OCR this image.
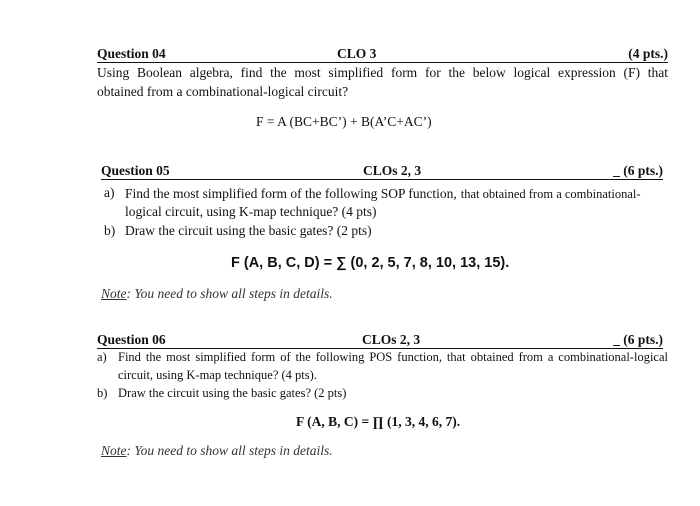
Question 04	CLO 3	(4 pts.)
Using Boolean algebra, find the most simplified form for the below logical expression (F) that
obtained from a combinational-logical circuit?
F = A (BC+BC’) + B(A’C+AC’)
Question 05	CLOs 2, 3	_ (6 pts.)
a) Find the most simplified form of the following SOP function, that obtained from a combinational-
logical circuit, using K-map technique? (4 pts)
b) Draw the circuit using the basic gates? (2 pts)
F (A, B, C, D) = ∑ (0, 2, 5, 7, 8, 10, 13, 15).
Note: You need to show all steps in details.
Question 06	CLOs 2, 3	_ (6 pts.)
a) Find the most simplified form of the following POS function, that obtained from a combinational-logical
circuit, using K-map technique? (4 pts).
b) Draw the circuit using the basic gates? (2 pts)
F (A, B, C) = ∏ (1, 3, 4, 6, 7).
Note: You need to show all steps in details.
